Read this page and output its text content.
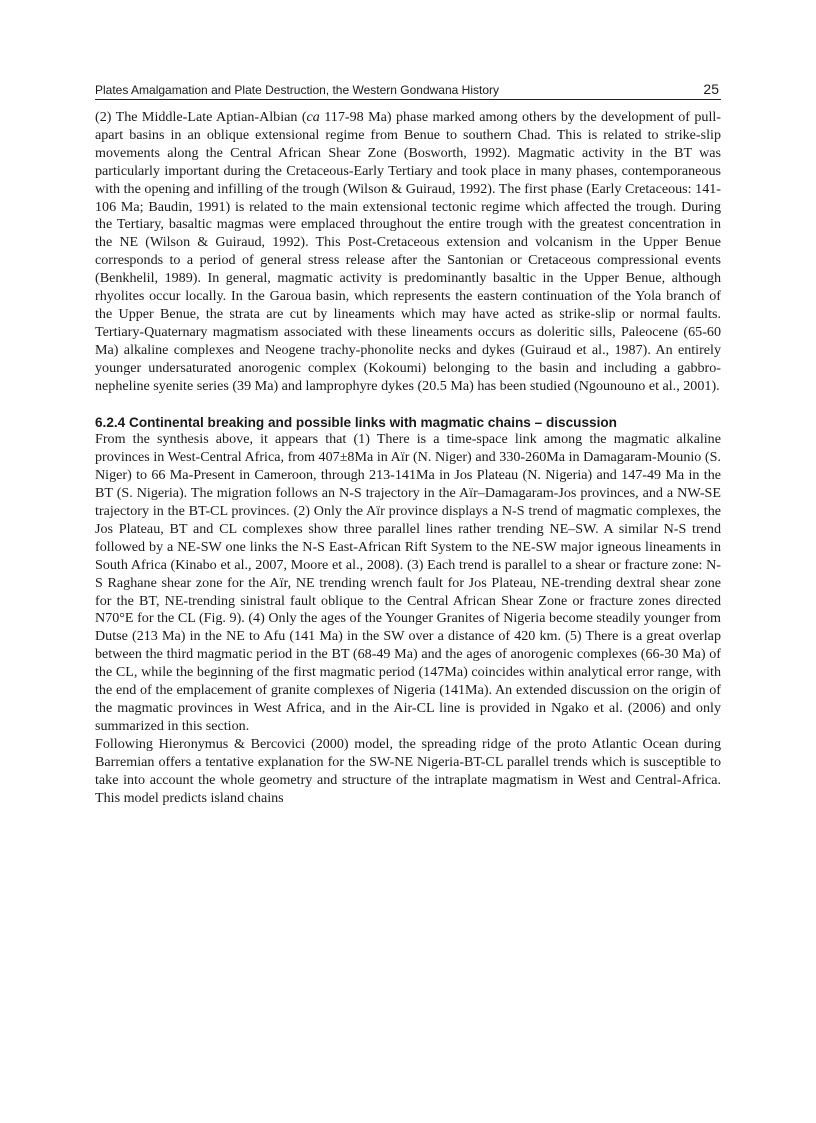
Plates Amalgamation and Plate Destruction, the Western Gondwana History	25

(2) The Middle-Late Aptian-Albian (ca 117-98 Ma) phase marked among others by the development of pull-apart basins in an oblique extensional regime from Benue to southern Chad. This is related to strike-slip movements along the Central African Shear Zone (Bosworth, 1992). Magmatic activity in the BT was particularly important during the Cretaceous-Early Tertiary and took place in many phases, contemporaneous with the opening and infilling of the trough (Wilson & Guiraud, 1992). The first phase (Early Cretaceous: 141-106 Ma; Baudin, 1991) is related to the main extensional tectonic regime which affected the trough. During the Tertiary, basaltic magmas were emplaced throughout the entire trough with the greatest concentration in the NE (Wilson & Guiraud, 1992). This Post-Cretaceous extension and volcanism in the Upper Benue corresponds to a period of general stress release after the Santonian or Cretaceous compressional events (Benkhelil, 1989). In general, magmatic activity is predominantly basaltic in the Upper Benue, although rhyolites occur locally. In the Garoua basin, which represents the eastern continuation of the Yola branch of the Upper Benue, the strata are cut by lineaments which may have acted as strike-slip or normal faults. Tertiary-Quaternary magmatism associated with these lineaments occurs as doleritic sills, Paleocene (65-60 Ma) alkaline complexes and Neogene trachy-phonolite necks and dykes (Guiraud et al., 1987). An entirely younger undersaturated anorogenic complex (Kokoumi) belonging to the basin and including a gabbro-nepheline syenite series (39 Ma) and lamprophyre dykes (20.5 Ma) has been studied (Ngounouno et al., 2001).

6.2.4 Continental breaking and possible links with magmatic chains – discussion

From the synthesis above, it appears that (1) There is a time-space link among the magmatic alkaline provinces in West-Central Africa, from 407±8Ma in Aïr (N. Niger) and 330-260Ma in Damagaram-Mounio (S. Niger) to 66 Ma-Present in Cameroon, through 213-141Ma in Jos Plateau (N. Nigeria) and 147-49 Ma in the BT (S. Nigeria). The migration follows an N-S trajectory in the Aïr–Damagaram-Jos provinces, and a NW-SE trajectory in the BT-CL provinces. (2) Only the Aïr province displays a N-S trend of magmatic complexes, the Jos Plateau, BT and CL complexes show three parallel lines rather trending NE–SW. A similar N-S trend followed by a NE-SW one links the N-S East-African Rift System to the NE-SW major igneous lineaments in South Africa (Kinabo et al., 2007, Moore et al., 2008). (3) Each trend is parallel to a shear or fracture zone: N-S Raghane shear zone for the Aïr, NE trending wrench fault for Jos Plateau, NE-trending dextral shear zone for the BT, NE-trending sinistral fault oblique to the Central African Shear Zone or fracture zones directed N70°E for the CL (Fig. 9). (4) Only the ages of the Younger Granites of Nigeria become steadily younger from Dutse (213 Ma) in the NE to Afu (141 Ma) in the SW over a distance of 420 km. (5) There is a great overlap between the third magmatic period in the BT (68-49 Ma) and the ages of anorogenic complexes (66-30 Ma) of the CL, while the beginning of the first magmatic period (147Ma) coincides within analytical error range, with the end of the emplacement of granite complexes of Nigeria (141Ma). An extended discussion on the origin of the magmatic provinces in West Africa, and in the Air-CL line is provided in Ngako et al. (2006) and only summarized in this section.

Following Hieronymus & Bercovici (2000) model, the spreading ridge of the proto Atlantic Ocean during Barremian offers a tentative explanation for the SW-NE Nigeria-BT-CL parallel trends which is susceptible to take into account the whole geometry and structure of the intraplate magmatism in West and Central-Africa. This model predicts island chains
